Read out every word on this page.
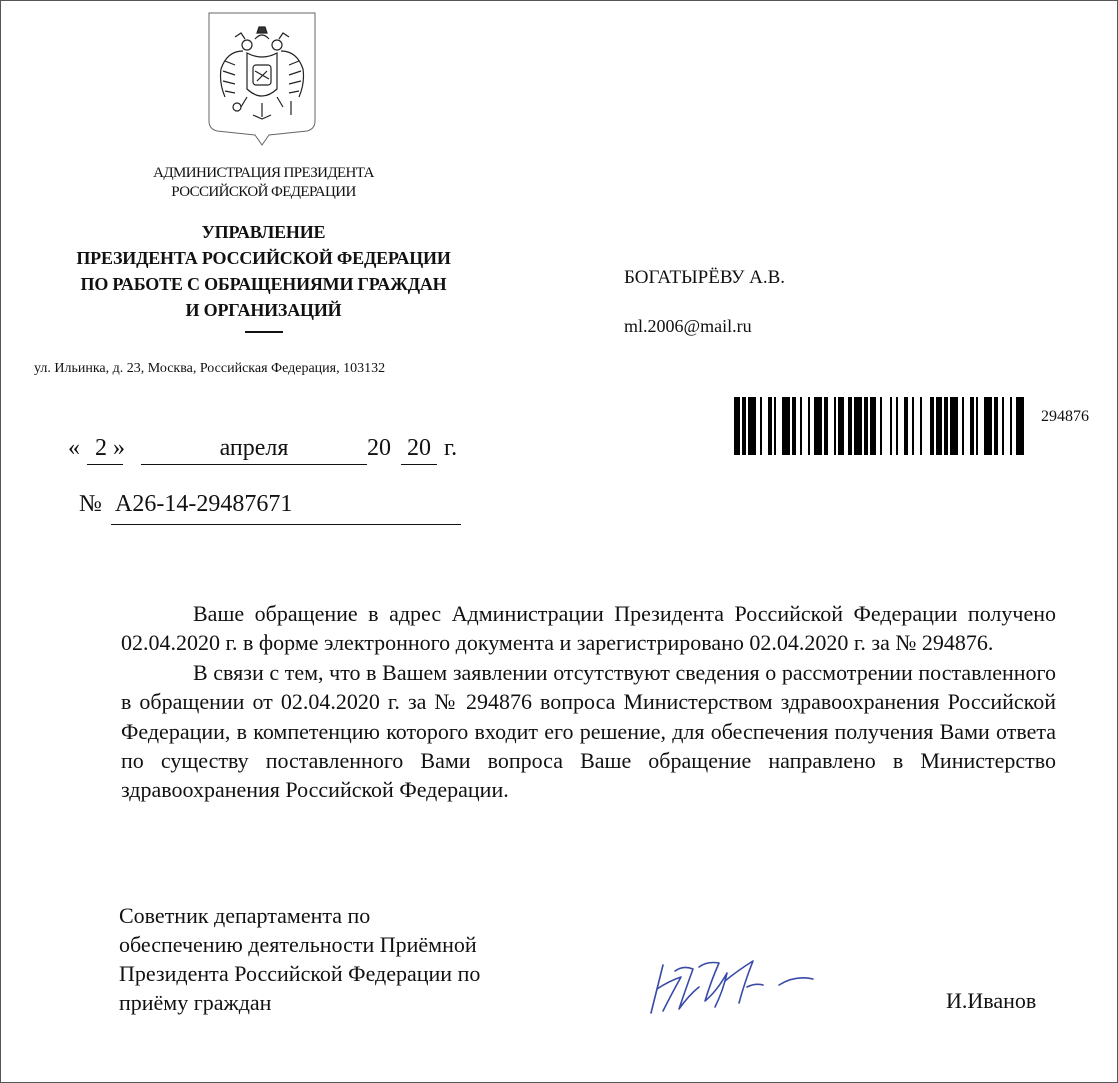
АДМИНИСТРАЦИЯ ПРЕЗИДЕНТА
РОССИЙСКОЙ ФЕДЕРАЦИИ
УПРАВЛЕНИЕ
ПРЕЗИДЕНТА РОССИЙСКОЙ ФЕДЕРАЦИИ
ПО РАБОТЕ С ОБРАЩЕНИЯМИ ГРАЖДАН
И ОРГАНИЗАЦИЙ
ул. Ильинка, д. 23, Москва, Российская Федерация, 103132
БОГАТЫРЁВУ А.В.
ml.2006@mail.ru
294876
« 2 »	апреля	20 20 г.
№ А26-14-29487671

Ваше обращение в адрес Администрации Президента Российской Федерации получено 02.04.2020 г. в форме электронного документа и зарегистрировано 02.04.2020 г. за № 294876.

В связи с тем, что в Вашем заявлении отсутствуют сведения о рассмотрении поставленного в обращении от 02.04.2020 г. за № 294876 вопроса Министерством здравоохранения Российской Федерации, в компетенцию которого входит его решение, для обеспечения получения Вами ответа по существу поставленного Вами вопроса Ваше обращение направлено в Министерство здравоохранения Российской Федерации.

Советник департамента по
обеспечению деятельности Приёмной
Президента Российской Федерации по
приёму граждан	И.Иванов
